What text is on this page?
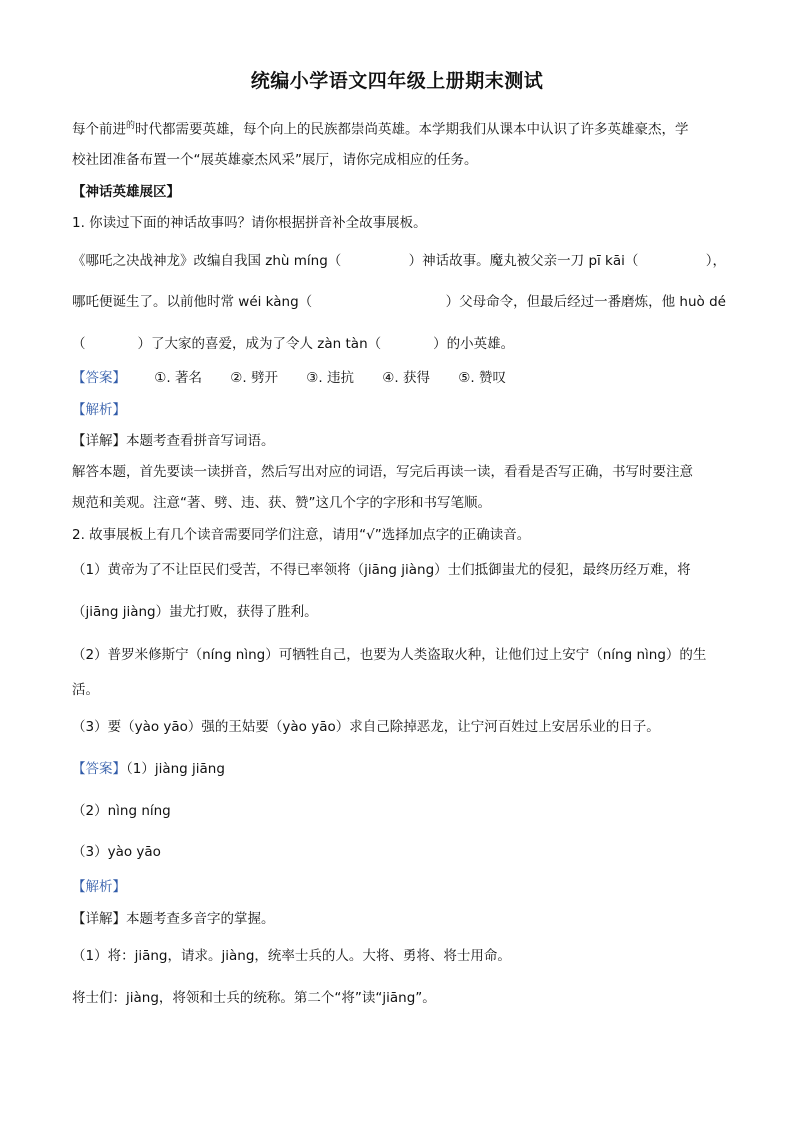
统编小学语文四年级上册期末测试
每个前进$^的$时代都需要英雄，每个向上的民族都崇尚英雄。本学期我们从课本中认识了许多英雄豪杰，学
校社团准备布置一个“展英雄豪杰风采”展厅，请你完成相应的任务。
【神话英雄展区】
1. 你读过下面的神话故事吗？请你根据拼音补全故事展板。
《哪吒之决战神龙》改编自我国 zhù míng（	）神话故事。魔丸被父亲一刀 pī kāi（	），
哪吒便诞生了。以前他时常 wéi kàng（	）父母命令，但最后经过一番磨炼，他 huò dé
（	）了大家的喜爱，成为了令人 zàn tàn（	）的小英雄。
【答案】 ①. 著名 ②. 劈开 ③. 违抗 ④. 获得 ⑤. 赞叹
【解析】
【详解】本题考查看拼音写词语。
解答本题，首先要读一读拼音，然后写出对应的词语，写完后再读一读，看看是否写正确，书写时要注意
规范和美观。注意“著、劈、违、获、赞”这几个字的字形和书写笔顺。
2. 故事展板上有几个读音需要同学们注意，请用“√”选择加点字的正确读音。
（1）黄帝为了不让臣民们受苦，不得已率领将（jiāng jiàng）士们抵御蚩尤的侵犯，最终历经万难，将
（jiāng jiàng）蚩尤打败，获得了胜利。
（2）普罗米修斯宁（níng nìng）可牺牲自己，也要为人类盗取火种，让他们过上安宁（níng nìng）的生
活。
（3）要（yào yāo）强的王姑要（yào yāo）求自己除掉恶龙，让宁河百姓过上安居乐业的日子。
【答案】（1）jiàng jiāng
（2）nìng níng
（3）yào yāo
【解析】
【详解】本题考查多音字的掌握。
（1）将：jiāng，请求。jiàng，统率士兵的人。大将、勇将、将士用命。
将士们：jiàng，将领和士兵的统称。第二个“将”读“jiāng”。
